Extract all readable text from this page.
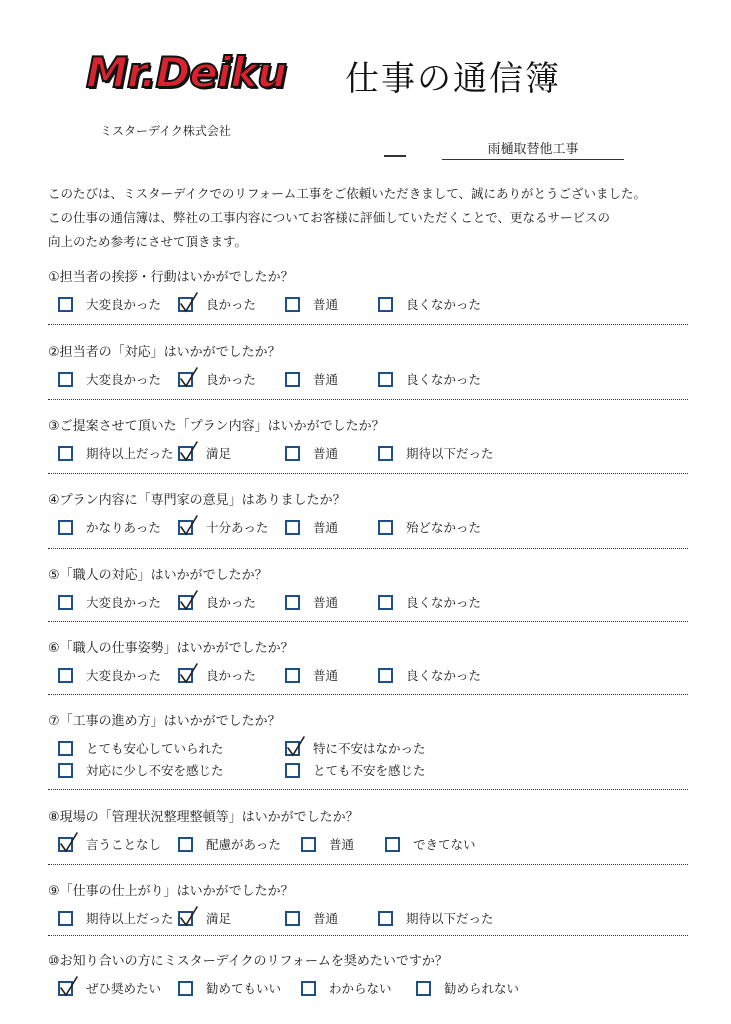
Mr.Deiku 仕事の通信簿
ミスターデイク株式会社
雨樋取替他工事

このたびは、ミスターデイクでのリフォーム工事をご依頼いただきまして、誠にありがとうございました。

この仕事の通信簿は、弊社の工事内容についてお客様に評価していただくことで、更なるサービスの

向上のため参考にさせて頂きます。

①担当者の挨拶・行動はいかがでしたか？
大変良かった	良かった	普通	良くなかった
②担当者の「対応」はいかがでしたか？
大変良かった	良かった	普通	良くなかった
③ご提案させて頂いた「プラン内容」はいかがでしたか？
期待以上だった	満足	普通	期待以下だった
④プラン内容に「専門家の意見」はありましたか？
かなりあった	十分あった	普通	殆どなかった
⑤「職人の対応」はいかがでしたか？
大変良かった	良かった	普通	良くなかった
⑥「職人の仕事姿勢」はいかがでしたか？
大変良かった	良かった	普通	良くなかった
⑦「工事の進め方」はいかがでしたか？
とても安心していられた	特に不安はなかった
対応に少し不安を感じた	とても不安を感じた
⑧現場の「管理状況整理整頓等」はいかがでしたか？
言うことなし	配慮があった	普通	できてない
⑨「仕事の仕上がり」はいかがでしたか？
期待以上だった	満足	普通	期待以下だった
⑩お知り合いの方にミスターデイクのリフォームを奨めたいですか？
ぜひ奨めたい	勧めてもいい	わからない	勧められない
